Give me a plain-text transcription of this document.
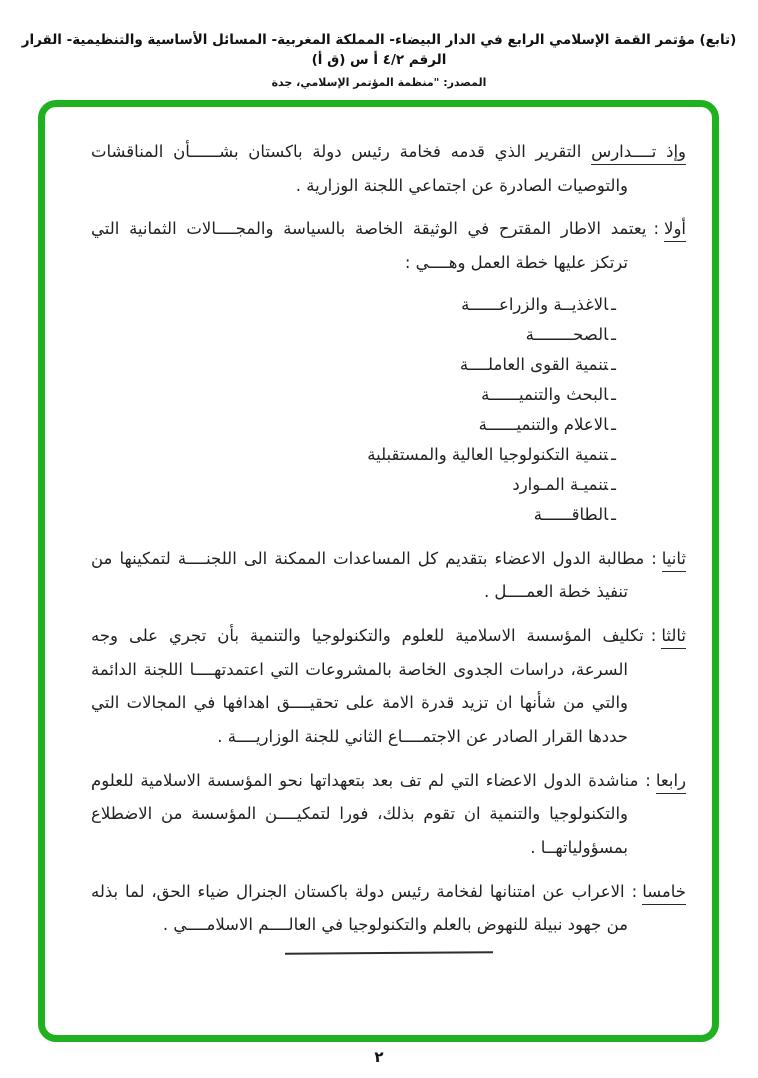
(تابع) مؤتمر القمة الإسلامي الرابع في الدار البيضاء- المملكة المغربية- المسائل الأساسية والتنظيمية- القرار الرقم ٤/٢ أ س (ق أ)
المصدر: "منظمة المؤتمر الإسلامي، جدة

وإذ تــــدارس التقرير الذي قدمه فخامة رئيس دولة باكستان بشــــــأن المناقشات والتوصيات الصادرة عن اجتماعي اللجنة الوزارية .

أولا:يعتمد الاطار المقترح في الوثيقة الخاصة بالسياسة والمجــــالات الثمانية التي ترتكز عليها خطة العمل وهــــي :

ـالاغذيــة والزراعــــــة
ـالصحــــــــة
ـتنمية القوى العاملــــة
ـالبحث والتنميــــــة
ـالاعلام والتنميــــــة
ـتنمية التكنولوجيا العالية والمستقبلية
ـتنميـة المـوارد
ـالطاقــــــة

ثانيا:مطالبة الدول الاعضاء بتقديم كل المساعدات الممكنة الى اللجنــــة لتمكينها من تنفيذ خطة العمــــل .

ثالثا:تكليف المؤسسة الاسلامية للعلوم والتكنولوجيا والتنمية بأن تجري على وجه السرعة، دراسات الجدوى الخاصة بالمشروعات التي اعتمدتهــــا اللجنة الدائمة والتي من شأنها ان تزيد قدرة الامة على تحقيــــق اهدافها في المجالات التي حددها القرار الصادر عن الاجتمــــاع الثاني للجنة الوزاريــــة .

رابعا:مناشدة الدول الاعضاء التي لم تف بعد بتعهداتها نحو المؤسسة الاسلامية للعلوم والتكنولوجيا والتنمية ان تقوم بذلك، فورا لتمكيــــن المؤسسة من الاضطلاع بمسؤولياتهــا .

خامسا:الاعراب عن امتنانها لفخامة رئيس دولة باكستان الجنرال ضياء الحق، لما بذله من جهود نبيلة للنهوض بالعلم والتكنولوجيا في العالــــم الاسلامــــي .

٢
